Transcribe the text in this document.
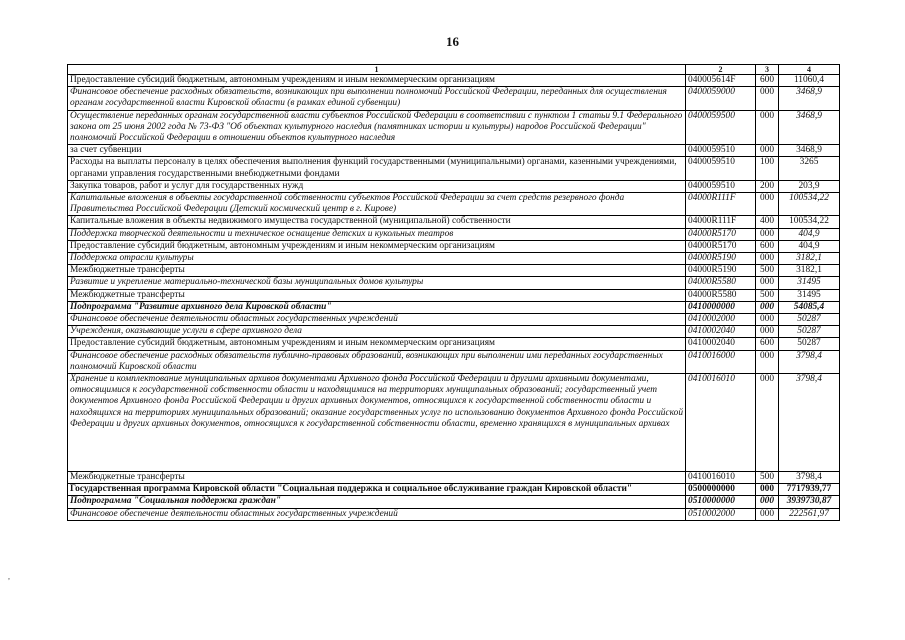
16
1	2	3	4
Предоставление субсидий бюджетным, автономным учреждениям и иным некоммерческим организациям	040005614F	600	11060,4
Финансовое обеспечение расходных обязательств, возникающих при выполнении полномочий Российской Федерации, переданных для осуществления органам государственной власти Кировской области (в рамках единой субвенции)	0400059000	000	3468,9
Осуществление переданных органам государственной власти субъектов Российской Федерации в соответствии с пунктом 1 статьи 9.1 Федерального закона от 25 июня 2002 года № 73-ФЗ "Об объектах культурного наследия (памятниках истории и культуры) народов Российской Федерации" полномочий Российской Федерации в отношении объектов культурного наследия	0400059500	000	3468,9
за счет субвенции	0400059510	000	3468,9
Расходы на выплаты персоналу в целях обеспечения выполнения функций государственными (муниципальными) органами, казенными учреждениями, органами управления государственными внебюджетными фондами	0400059510	100	3265
Закупка товаров, работ и услуг для государственных нужд	0400059510	200	203,9
Капитальные вложения в объекты государственной собственности субъектов Российской Федерации за счет средств резервного фонда Правительства Российской Федерации (Детский космический центр в г. Кирове)	04000R111F	000	100534,22
Капитальные вложения в объекты недвижимого имущества государственной (муниципальной) собственности	04000R111F	400	100534,22
Поддержка творческой деятельности и техническое оснащение детских и кукольных театров	04000R5170	000	404,9
Предоставление субсидий бюджетным, автономным учреждениям и иным некоммерческим организациям	04000R5170	600	404,9
Поддержка отрасли культуры	04000R5190	000	3182,1
Межбюджетные трансферты	04000R5190	500	3182,1
Развитие и укрепление материально-технической базы муниципальных домов культуры	04000R5580	000	31495
Межбюджетные трансферты	04000R5580	500	31495
Подпрограмма "Развитие архивного дела Кировской области"	0410000000	000	54085,4
Финансовое обеспечение деятельности областных государственных учреждений	0410002000	000	50287
Учреждения, оказывающие услуги в сфере архивного дела	0410002040	000	50287
Предоставление субсидий бюджетным, автономным учреждениям и иным некоммерческим организациям	0410002040	600	50287
Финансовое обеспечение расходных обязательств публично-правовых образований, возникающих при выполнении ими переданных государственных полномочий Кировской области	0410016000	000	3798,4
Хранение и комплектование муниципальных архивов документами Архивного фонда Российской Федерации и другими архивными документами, относящимися к государственной собственности области и находящимися на территориях муниципальных образований; государственный учет документов Архивного фонда Российской Федерации и других архивных документов, относящихся к государственной собственности области и находящихся на территориях муниципальных образований; оказание государственных услуг по использованию документов Архивного фонда Российской Федерации и других архивных документов, относящихся к государственной собственности области, временно хранящихся в муниципальных архивах	0410016010	000	3798,4
Межбюджетные трансферты	0410016010	500	3798,4
Государственная программа Кировской области "Социальная поддержка и социальное обслуживание граждан Кировской области"	0500000000	000	7717939,77
Подпрограмма "Социальная поддержка граждан"	0510000000	000	3939730,87
Финансовое обеспечение деятельности областных государственных учреждений	0510002000	000	222561,97
,
